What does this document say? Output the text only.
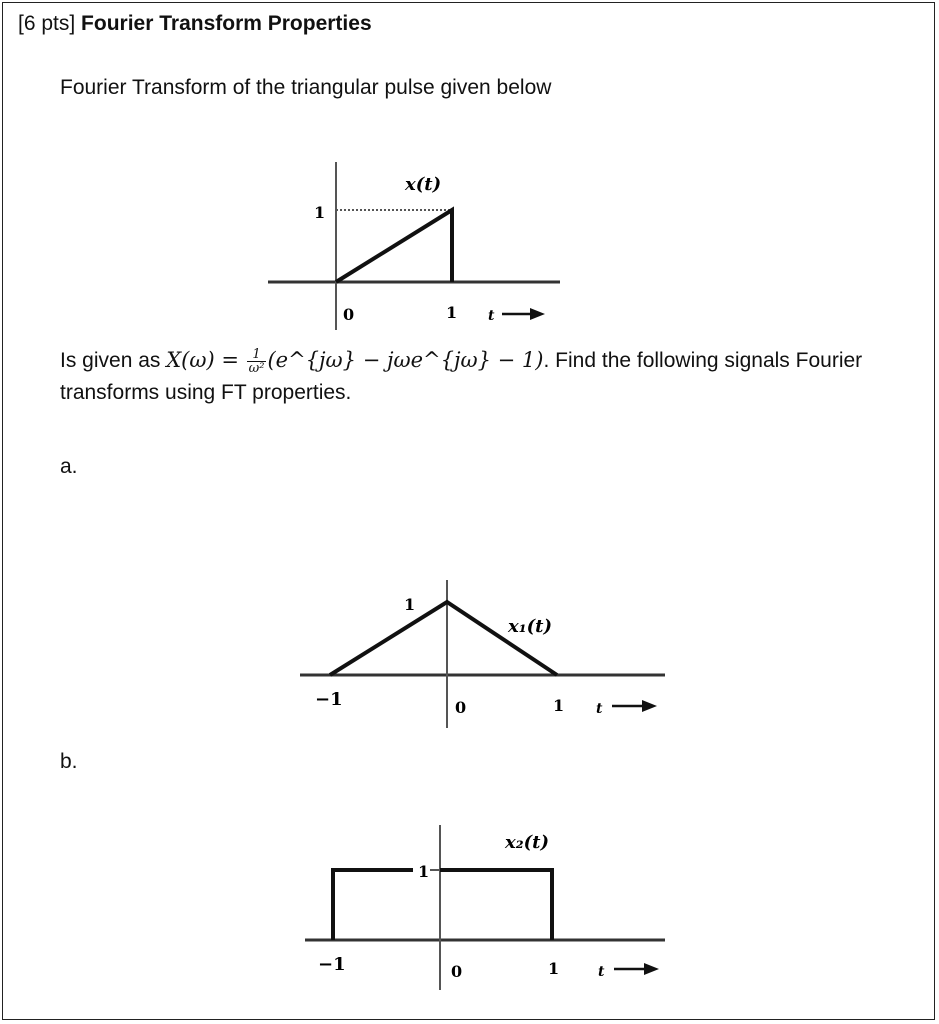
[6 pts] Fourier Transform Properties
Fourier Transform of the triangular pulse given below
Is given as $X(\omega) = \frac{1}{\text{ω²}}$ (e^{jω} − jωe^{jω} − 1). Find the following signals Fourier transforms using FT properties.
a.
b.
x(t)
1
0	1 t
1
x₁(t)
−1	0	1 t
1
x₂(t)
−1	0	1	t
